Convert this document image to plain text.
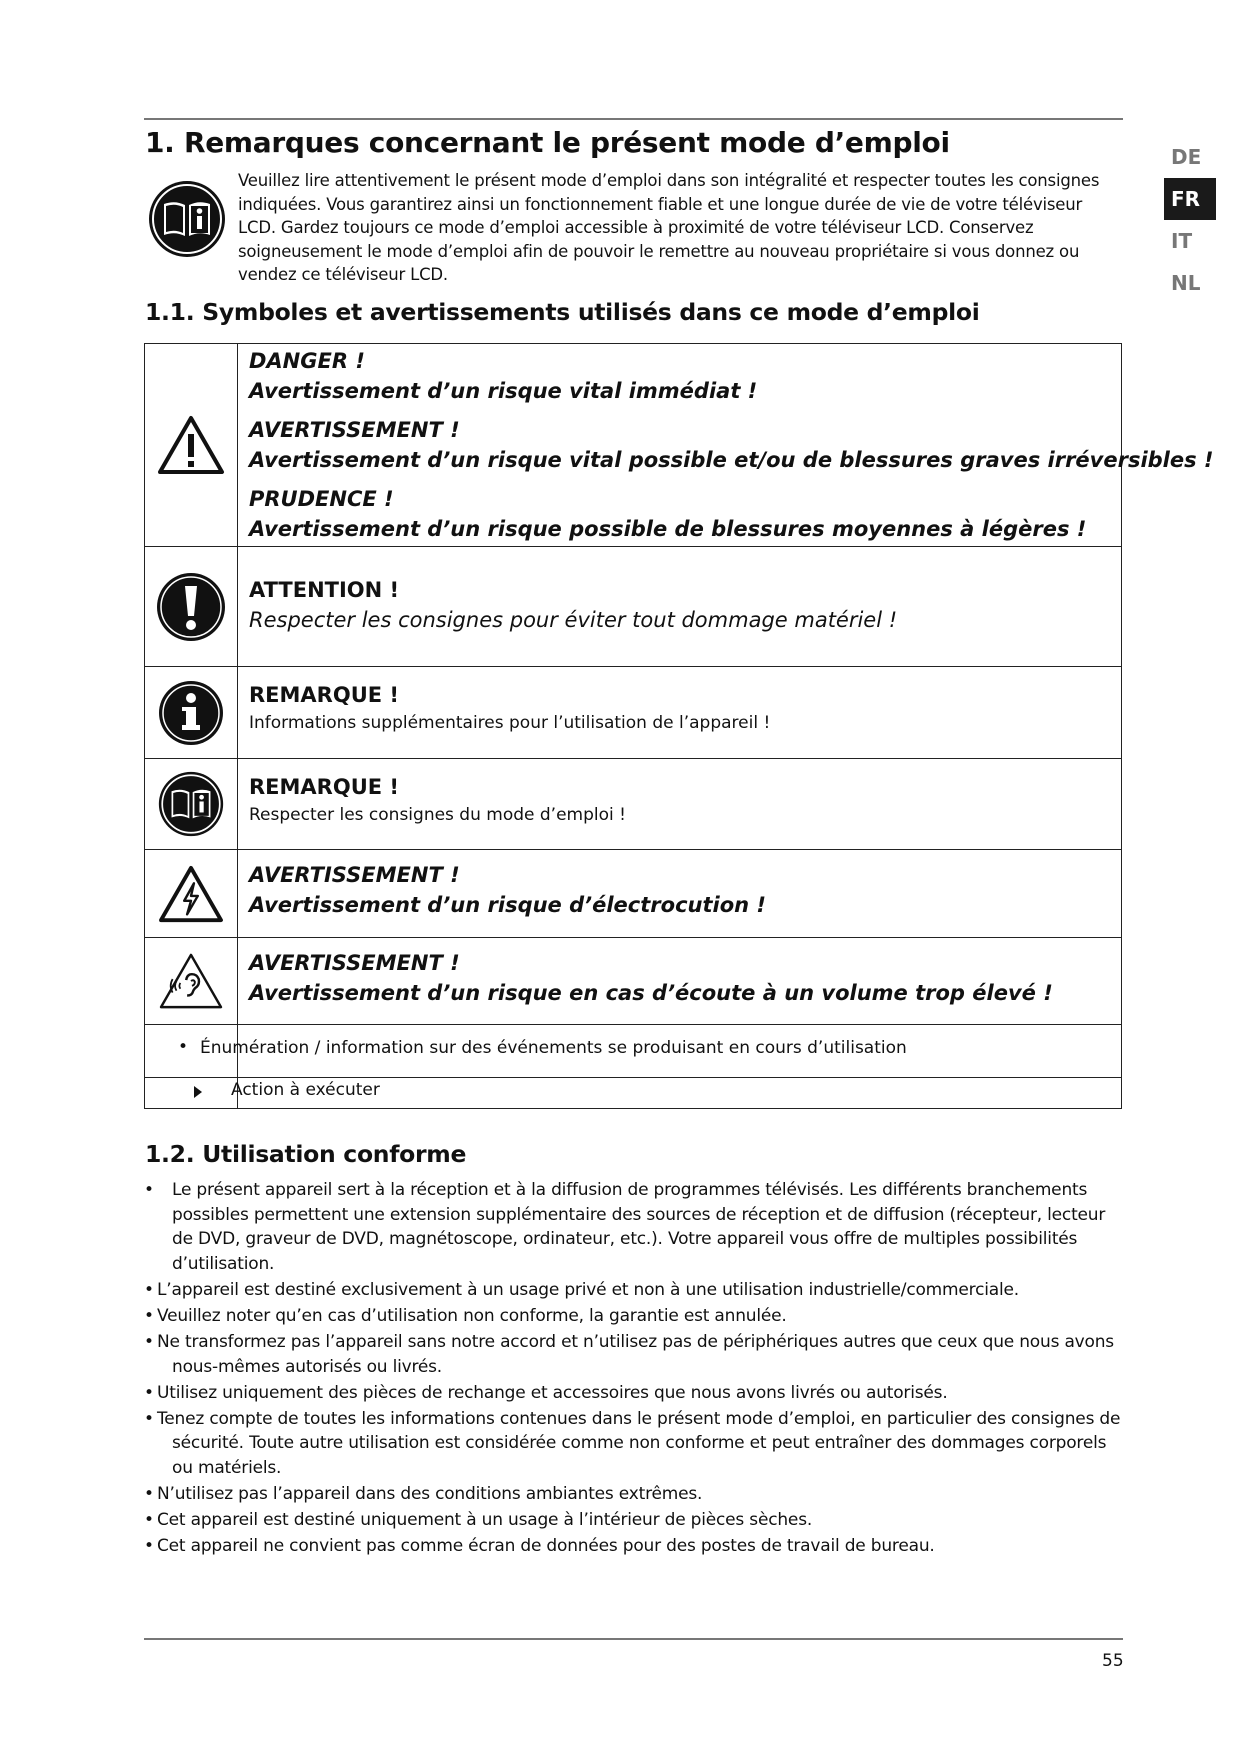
1. Remarques concernant le présent mode d’emploi	DE
FR
IT
NL

Veuillez lire attentivement le présent mode d’emploi dans son intégralité et respecter toutes les consignes indiquées. Vous garantirez ainsi un fonctionnement fiable et une longue durée de vie de votre téléviseur LCD. Gardez toujours ce mode d’emploi accessible à proximité de votre téléviseur LCD. Conservez soigneusement le mode d’emploi afin de pouvoir le remettre au nouveau propriétaire si vous donnez ou vendez ce téléviseur LCD.

1.1. Symboles et avertissements utilisés dans ce mode d’emploi
DANGER !
Avertissement d’un risque vital immédiat !
AVERTISSEMENT !
Avertissement d’un risque vital possible et/ou de blessures graves irréversibles !
PRUDENCE !
Avertissement d’un risque possible de blessures moyennes à légères !
ATTENTION !
Respecter les consignes pour éviter tout dommage matériel !
REMARQUE !
Informations supplémentaires pour l’utilisation de l’appareil !
REMARQUE !
Respecter les consignes du mode d’emploi !
AVERTISSEMENT !
Avertissement d’un risque d’électrocution !
AVERTISSEMENT !
Avertissement d’un risque en cas d’écoute à un volume trop élevé !
• Énumération / information sur des événements se produisant en cours d’utilisation
Action à exécuter
1.2. Utilisation conforme
• Le présent appareil sert à la réception et à la diffusion de programmes télévisés. Les différents branchements possibles permettent une extension supplémentaire des sources de réception et de diffusion (récepteur, lecteur de DVD, graveur de DVD, magnétoscope, ordinateur, etc.). Votre appareil vous offre de multiples possibilités d’utilisation.
• L’appareil est destiné exclusivement à un usage privé et non à une utilisation industrielle/commerciale.
• Veuillez noter qu’en cas d’utilisation non conforme, la garantie est annulée.
• Ne transformez pas l’appareil sans notre accord et n’utilisez pas de périphériques autres que ceux que nous avons
nous-mêmes autorisés ou livrés.
• Utilisez uniquement des pièces de rechange et accessoires que nous avons livrés ou autorisés.
• Tenez compte de toutes les informations contenues dans le présent mode d’emploi, en particulier des consignes de
sécurité. Toute autre utilisation est considérée comme non conforme et peut entraîner des dommages corporels ou matériels.
• N’utilisez pas l’appareil dans des conditions ambiantes extrêmes.
• Cet appareil est destiné uniquement à un usage à l’intérieur de pièces sèches.
• Cet appareil ne convient pas comme écran de données pour des postes de travail de bureau.
55
